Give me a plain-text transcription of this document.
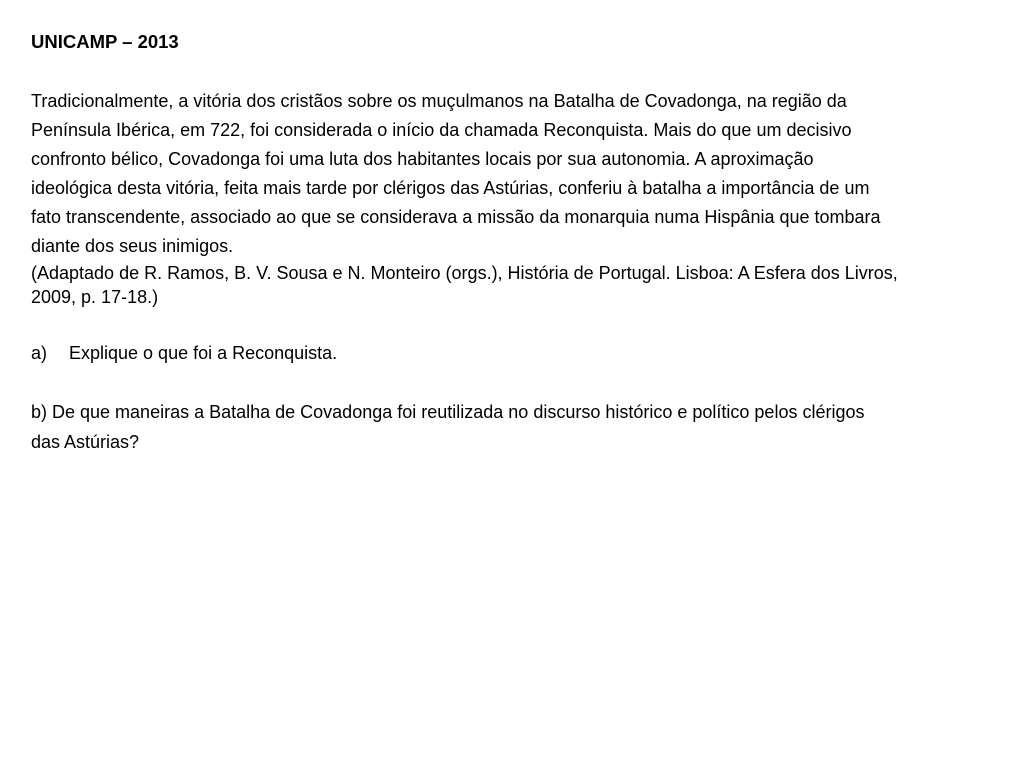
UNICAMP – 2013
Tradicionalmente, a vitória dos cristãos sobre os muçulmanos na Batalha de Covadonga, na região da
Península Ibérica, em 722, foi considerada o início da chamada Reconquista. Mais do que um decisivo
confronto bélico, Covadonga foi uma luta dos habitantes locais por sua autonomia. A aproximação
ideológica desta vitória, feita mais tarde por clérigos das Astúrias, conferiu à batalha a importância de um
fato transcendente, associado ao que se considerava a missão da monarquia numa Hispânia que tombara
diante dos seus inimigos.
(Adaptado de R. Ramos, B. V. Sousa e N. Monteiro (orgs.), História de Portugal. Lisboa: A Esfera dos Livros,
2009, p. 17-18.)
a) Explique o que foi a Reconquista.
b) De que maneiras a Batalha de Covadonga foi reutilizada no discurso histórico e político pelos clérigos
das Astúrias?
